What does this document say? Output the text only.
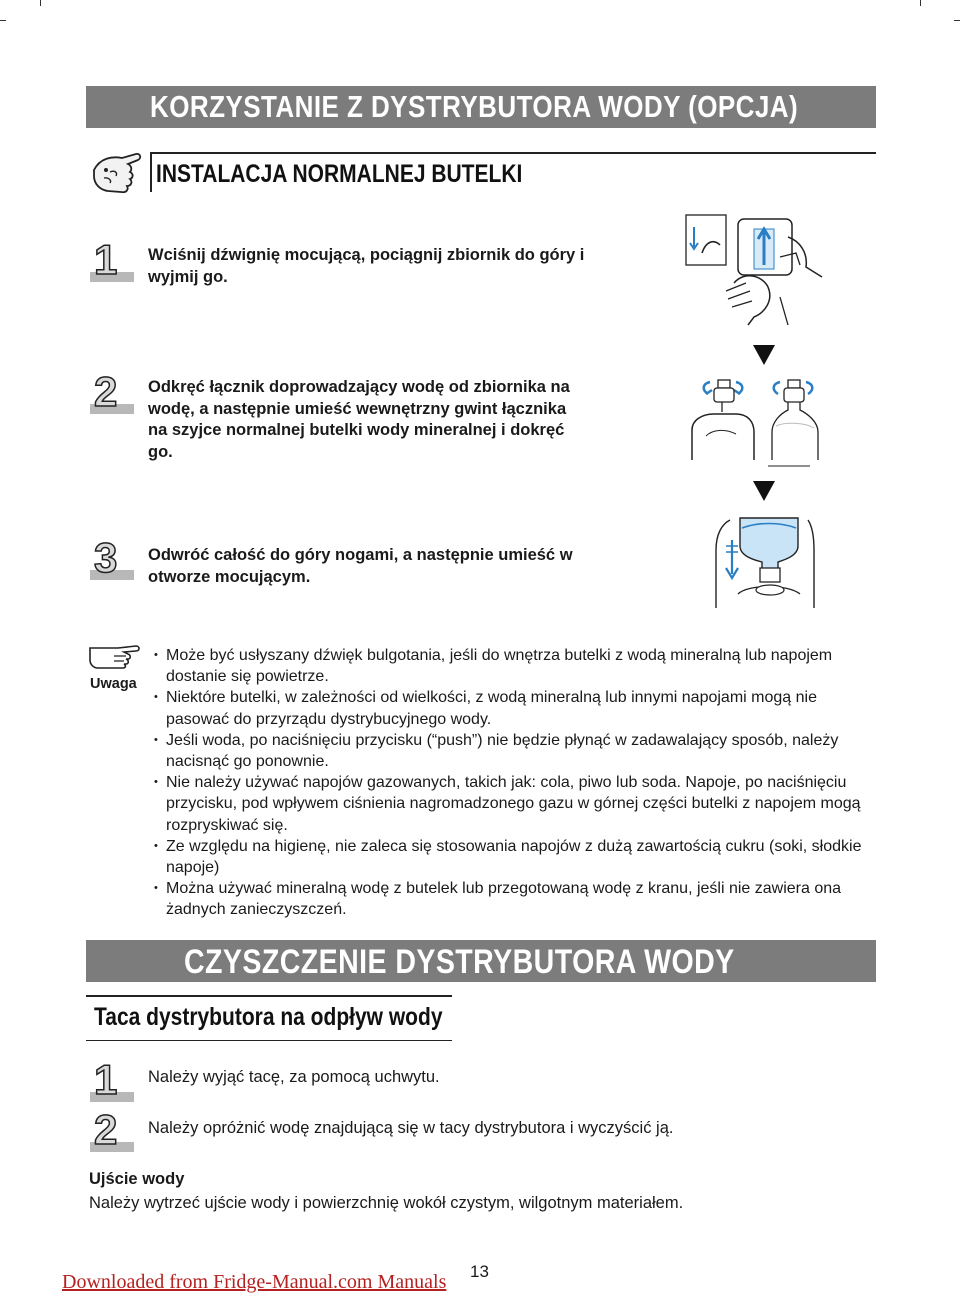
KORZYSTANIE Z DYSTRYBUTORA WODY (OPCJA)
INSTALACJA NORMALNEJ BUTELKI
1 Wciśnij dźwignię mocującą, pociągnij zbiornik do góry i wyjmij go.
2 Odkręć łącznik doprowadzający wodę od zbiornika na wodę, a następnie umieść wewnętrzny gwint łącznika na szyjce normalnej butelki wody mineralnej i dokręć go.
3 Odwróć całość do góry nogami, a następnie umieść w otworze mocującym.
Uwaga
• Może być usłyszany dźwięk bulgotania, jeśli do wnętrza butelki z wodą mineralną lub napojem dostanie się powietrze.
• Niektóre butelki, w zależności od wielkości, z wodą mineralną lub innymi napojami mogą nie pasować do przyrządu dystrybucyjnego wody.
• Jeśli woda, po naciśnięciu przycisku (“push”) nie będzie płynąć w zadawalający sposób, należy nacisnąć go ponownie.
• Nie należy używać napojów gazowanych, takich jak: cola, piwo lub soda. Napoje, po naciśnięciu przycisku, pod wpływem ciśnienia nagromadzonego gazu w górnej części butelki z napojem mogą rozpryskiwać się.
• Ze względu na higienę, nie zaleca się stosowania napojów z dużą zawartością cukru (soki, słodkie napoje)
• Można używać mineralną wodę z butelek lub przegotowaną wodę z kranu, jeśli nie zawiera ona żadnych zanieczyszczeń.
CZYSZCZENIE DYSTRYBUTORA WODY
Taca dystrybutora na odpływ wody
1 Należy wyjąć tacę, za pomocą uchwytu.
2 Należy opróżnić wodę znajdującą się w tacy dystrybutora i wyczyścić ją.
Ujście wody
Należy wytrzeć ujście wody i powierzchnię wokół czystym, wilgotnym materiałem.
Downloaded from Fridge-Manual.com Manuals 13
